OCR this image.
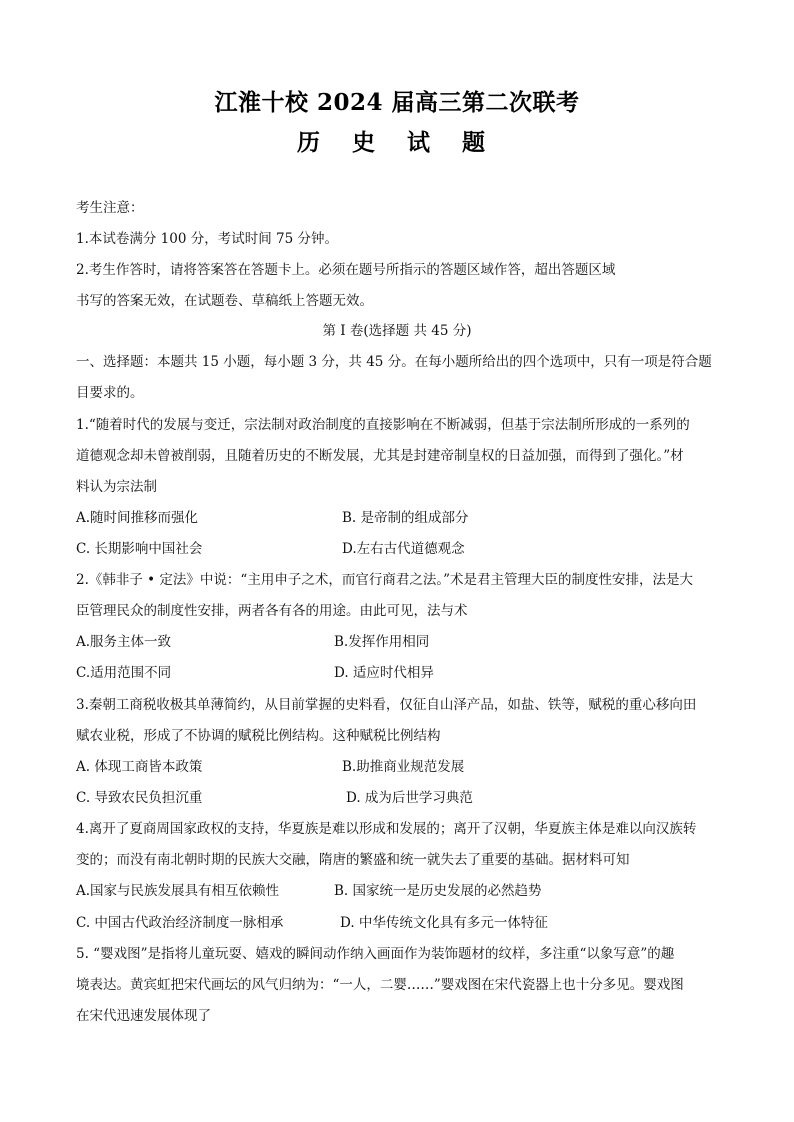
江淮十校 2024 届高三第二次联考
历 史 试 题
考生注意：
1.本试卷满分 100 分，考试时间 75 分钟。
2.考生作答时，请将答案答在答题卡上。必须在题号所指示的答题区域作答，超出答题区域
书写的答案无效，在试题卷、草稿纸上答题无效。
第 I 卷(选择题 共 45 分)
一、选择题：本题共 15 小题，每小题 3 分，共 45 分。在每小题所给出的四个选项中，只有一项是符合题
目要求的。
1.“随着时代的发展与变迁，宗法制对政治制度的直接影响在不断减弱，但基于宗法制所形成的一系列的
道德观念却未曾被削弱，且随着历史的不断发展，尤其是封建帝制皇权的日益加强，而得到了强化。”材
料认为宗法制
A.随时间推移而强化	B. 是帝制的组成部分
C. 长期影响中国社会	D.左右古代道德观念
2.《韩非子 • 定法》中说：“主用申子之术，而官行商君之法。”术是君主管理大臣的制度性安排，法是大
臣管理民众的制度性安排，两者各有各的用途。由此可见，法与术
A.服务主体一致	B.发挥作用相同
C.适用范围不同	D. 适应时代相异
3.秦朝工商税收极其单薄简约，从目前掌握的史料看，仅征自山泽产品，如盐、铁等，赋税的重心移向田
赋农业税，形成了不协调的赋税比例结构。这种赋税比例结构
A. 体现工商皆本政策	B.助推商业规范发展
C. 导致农民负担沉重	D. 成为后世学习典范
4.离开了夏商周国家政权的支持，华夏族是难以形成和发展的；离开了汉朝，华夏族主体是难以向汉族转
变的；而没有南北朝时期的民族大交融，隋唐的繁盛和统一就失去了重要的基础。据材料可知
A.国家与民族发展具有相互依赖性	B. 国家统一是历史发展的必然趋势
C. 中国古代政治经济制度一脉相承	D. 中华传统文化具有多元一体特征
5. “婴戏图”是指将儿童玩耍、嬉戏的瞬间动作纳入画面作为装饰题材的纹样，多注重“以象写意”的趣
境表达。黄宾虹把宋代画坛的风气归纳为：“一人，二婴……”婴戏图在宋代瓷器上也十分多见。婴戏图
在宋代迅速发展体现了
